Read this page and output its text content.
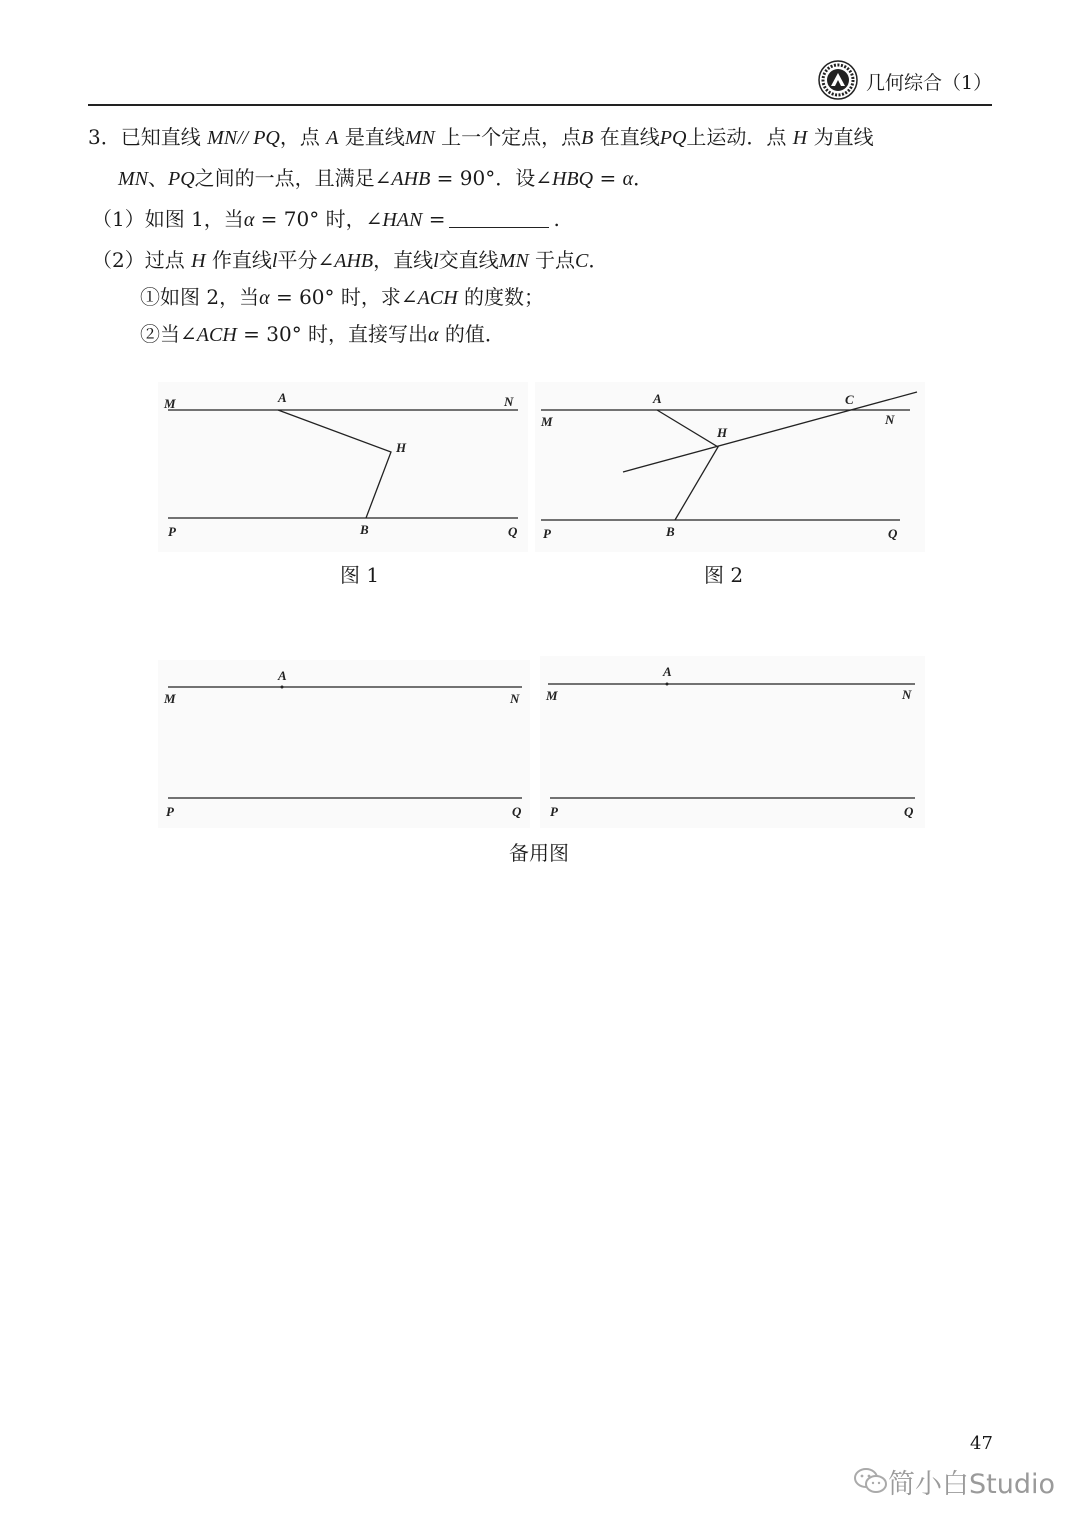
几何综合（1）
3．已知直线 MN// PQ，点 A 是直线MN 上一个定点，点B 在直线PQ上运动．点 H 为直线
MN、PQ之间的一点，且满足∠AHB = 90°．设∠HBQ = α．
（1）如图 1，当α = 70° 时，∠HAN =	.
（2）过点 H 作直线l平分∠AHB，直线l交直线MN 于点C．
①如图 2，当α = 60° 时，求∠ACH 的度数；
②当∠ACH = 30° 时，直接写出α 的值．
M	A	N
H
P	B	Q
图 1
A	C
M	N
H
P	B	Q
图 2
A
M	N
P	Q
A
M	N
P	Q
备用图
47
简小白Studio
